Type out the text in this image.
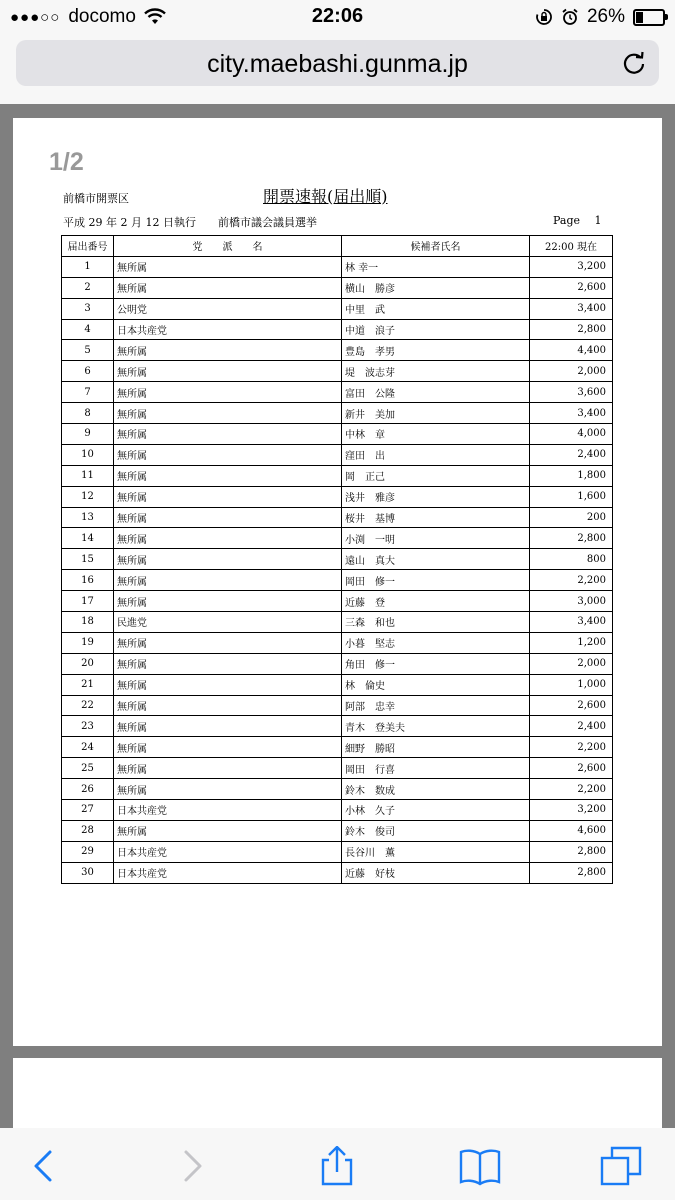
●●●○○ docomo	22:06	26%
city.maebashi.gunma.jp
1/2
前橋市開票区	開票速報(届出順)
平成 29 年 2 月 12 日執行　　前橋市議会議員選挙	Page　 1
届出番号	党　　派　　名	候補者氏名	22:00 現在
1	無所属	林 幸一	3,200
2	無所属	横山　勝彦	2,600
3	公明党	中里　武	3,400
4	日本共産党	中道　浪子	2,800
5	無所属	豊島　孝男	4,400
6	無所属	堤　波志芽	2,000
7	無所属	富田　公隆	3,600
8	無所属	新井　美加	3,400
9	無所属	中林　章	4,000
10	無所属	窪田　出	2,400
11	無所属	岡　正己	1,800
12	無所属	浅井　雅彦	1,600
13	無所属	桜井　基博	200
14	無所属	小渕　一明	2,800
15	無所属	遠山　真大	800
16	無所属	岡田　修一	2,200
17	無所属	近藤　登	3,000
18	民進党	三森　和也	3,400
19	無所属	小暮　堅志	1,200
20	無所属	角田　修一	2,000
21	無所属	林　倫史	1,000
22	無所属	阿部　忠幸	2,600
23	無所属	青木　登美夫	2,400
24	無所属	細野　勝昭	2,200
25	無所属	岡田　行喜	2,600
26	無所属	鈴木　数成	2,200
27	日本共産党	小林　久子	3,200
28	無所属	鈴木　俊司	4,600
29	日本共産党	長谷川　薫	2,800
30	日本共産党	近藤　好枝	2,800
